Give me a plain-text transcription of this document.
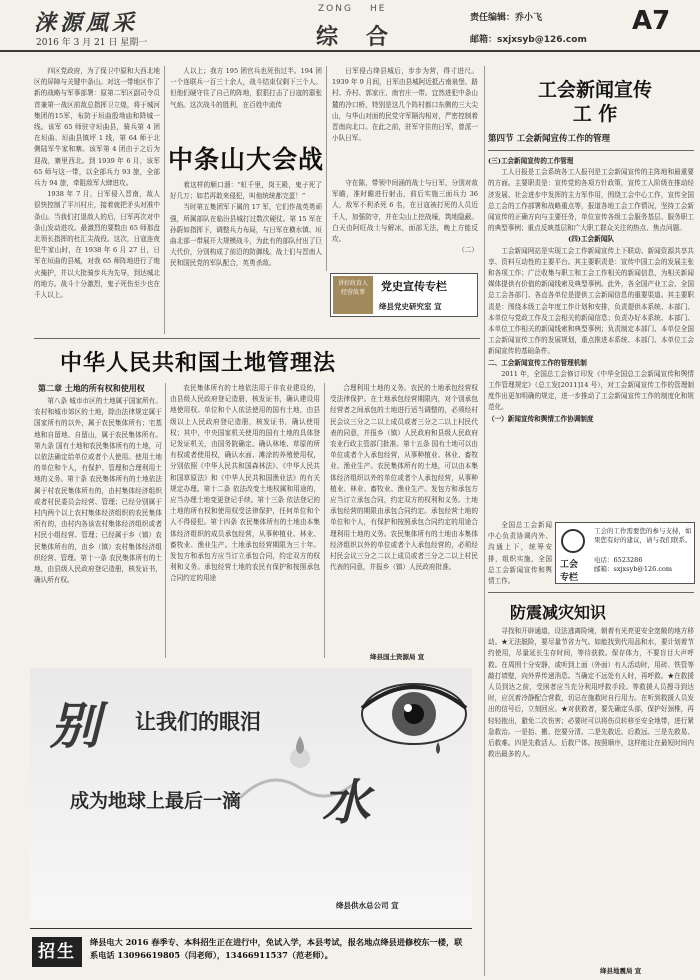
涞源風采
2016 年 3 月 21 日 星期一
ZONG HE
综合
责任编辑：乔小飞
邮箱：sxjxsyb@126.com
A7

四区党政府，为了保卫中原和大西北地区的屏障与关键中条山。对这一带地区作了新的战略与军事部署：原第二军区副司令员首兼第一战区前敌总指挥卫立煌，将于城河集团的15军，布防于垣曲殷坳庙和降城一线。该军 65 师驻守垣曲县，骑兵第 4 团在垣曲、垣曲县镇坪 1 线，第 64 师于北侧陆军牛家和寨。该军第 4 团由于之后为迎战，寨里西北。到 1939 年 6 月，该军 65 师与这一带，以全部兵力 93 旅，全部兵力 94 旅，牵阻敌军大肆进攻。

1938 年 7 月，日军侵入晋南，敌人很快控制了平川村庄，接着就把矛头对准中条山。当我们打退敌人的后，日军再次对中条山发动进攻。最激烈的要数由 65 师那盘北领长指挥的杜汇尖战役。这次，日寇连夜犯牛家山时，在 1938 年 6 月 27 日，日军在垣曲的县城，对我 65 师阵地进行了炮火掩护，并以大批骑步兵为先导，到达城北的地方。战斗十分激烈，鬼子死伤至少也在千人以上。

人以上；我方 195 团官兵也死伤过半。194 团一个连联兵一百三十余人，战斗结束仅剩下三个人。但他们硬守住了自己的阵地，狠狠打击了日寇的嚣张气焰。这次战斗的胜利，在百姓中流传

中条山大会战

着这样的顺口溜：“虹千里，岗王殿，鬼子死了好几万；如若再敢来侵犯，叫他统统都完蛋！”

当时第五集团军下属的 17 军，它们作战英勇顽强，所属部队在临汾县城打过数次硬仗。第 15 军在孙蔚如指挥下，调整兵力布局，与日军在横水镇、垣曲北部一带展开大规模战斗，为此有的部队付出了巨大代价，分别构成了前沿的防御线。战士们与晋南人民和国民党的军队配合，英勇杀敌。

日军侵占绛县城后，步步为营，得寸进尺。1939 年 9 月间，日军由县城阿近抵占南泉堡、路村、乔村、郭家庄、南官庄一带。宜然进犯中条山麓的冷口桥，特别是这几个阵村都口东侧的三大尖山，与华山对面的民党守军隔沟相对，严密控制着晋南向北口。在此之前，驻军守住的日军，曾派一小队日军。

守在陈，带领中间涌的战士与日军，分别对敌军瞻，准时瞻进行射击，前后实施三面兵力 36 人，敌军不利杀死 6 名，在日寇被打死的人员近千人，加强防守，并在尖山上挖战壕，筑地隐蔽。白天由阿旺战士与解冰，面部无法，晚上方能反攻。

（二）

讲好政育人 经营故事	党史宣传专栏
绛县党史研究室 宣
中华人民共和国土地管理法
第二章 土地的所有权和使用权

第八条 城市市区的土地属于国家所有。农村和城市郊区的土地，除由法律规定属于国家所有的以外，属于农民集体所有；宅基地和自留地、自留山，属于农民集体所有。第九条 国有土地和农民集体所有的土地，可以依法确定给单位或者个人使用。使用土地的单位和个人，有保护、管理和合理利用土地的义务。第十条 农民集体所有的土地依法属于村农民集体所有的，由村集体经济组织或者村民委员会经营、管理；已经分别属于村内两个以上农村集体经济组织的农民集体所有的，由村内各该农村集体经济组织或者村民小组经营、管理；已经属于乡（镇）农民集体所有的，由乡（镇）农村集体经济组织经营、管理。第十一条 农民集体所有的土地，由县级人民政府登记造册，核发证书，确认所有权。

农民集体所有的土地依法用于非农业建设的，由县级人民政府登记造册，核发证书，确认建设用地使用权。单位和个人依法使用的国有土地，由县级以上人民政府登记造册，核发证书，确认使用权；其中，中央国家机关使用的国有土地的具体登记发证机关，由国务院确定。确认林地、草原的所有权或者使用权，确认水面、滩涂的养殖使用权，分别依照《中华人民共和国森林法》、《中华人民共和国草原法》和《中华人民共和国渔业法》的有关规定办理。第十二条 依法改变土地权属和用途的，应当办理土地变更登记手续。第十三条 依法登记的土地的所有权和使用权受法律保护，任何单位和个人不得侵犯。第十四条 农民集体所有的土地由本集体经济组织的成员承包经营，从事种植业、林业、畜牧业、渔业生产。土地承包经营期限为三十年。发包方和承包方应当订立承包合同，约定双方的权利和义务。承包经营土地的农民有保护和按照承包合同约定的用途

合理利用土地的义务。农民的土地承包经营权受法律保护。在土地承包经营期限内，对个别承包经营者之间承包的土地进行适当调整的，必须经村民会议三分之二以上成员或者三分之二以上村民代表的同意，并报乡（镇）人民政府和县级人民政府农业行政主管部门批准。第十五条 国有土地可以由单位或者个人承包经营，从事种植业、林业、畜牧业、渔业生产。农民集体所有的土地，可以由本集体经济组织以外的单位或者个人承包经营，从事种植业、林业、畜牧业、渔业生产。发包方和承包方应当订立承包合同，约定双方的权利和义务。土地承包经营的期限由承包合同约定。承包经营土地的单位和个人，有保护和按照承包合同约定的用途合理利用土地的义务。农民集体所有的土地由本集体经济组织以外的单位或者个人承包经营的，必须经村民会议三分之二以上成员或者三分之二以上村民代表的同意，并报乡（镇）人民政府批准。

绛县国土资源局 宣
别 让我们的眼泪
成为地球上最后一滴 水
绛县供水总公司 宣
招生	绛县电大 2016 春季专、本科招生正在进行中，免试入学，本县考试，报名地点绛县进修校东一楼，联系电话 13096619805（闫老师），13466911537（范老师）。
工会新闻宣传
工 作
第四节 工会新闻宣传工作的管理
(三)工会新闻宣传的工作管理

工人日报是工会系统各工人报刊是工会新闻宣传的主阵地和最重要的方面。主要职责是：宣传党的各项方针政策，宣传工人阶级在推动经济发展、社会进步中发挥的主力军作用，围绕工会中心工作，宣传全国总工会的工作部署和战略重点等，报道各地工会工作情况，坚持工会新闻宣传的正确方向与主要任务，单位宣传各级工会服务基层、服务职工的典型事例；重点反映基层和广大职工群众关注的热点、焦点问题。

(四)工会新闻队

工会新闻网站是实现工会工作新闻宣传上下联动、新闻资源共享共享、资料互动性的主要平台。其主要职责是：宣传中国工会的发展主张和各项工作；广泛收集与职工和工会工作相关的新闻信息，为相关新闻媒体提供有价值的新闻线索及典型事例。此外，各全国产业工会、全国总工会各部门、各直各单位是提供工会新闻信息的重要渠道。其主要职责是：围绕本级工会年度工作计划和安排，负责提供本系统、本部门、本单位与党政工作及工会相关的新闻信息；负责办好本系统、本部门、本单位工作相关的新闻线索和典型事例；负责制定本部门、本单位全国工会新闻宣传工作的发展规划，重点推进本系统、本部门、本单位工会新闻宣传的基础条件。

二、工会新闻宣传工作的管理机制

2011 年，全国总工会修订印发《中华全国总工会新闻宣传和舆情工作管理规定》（总工发[2011]14 号），对工会新闻宣传工作的管理制度作出更加明确的规定，进一步推动了工会新闻宣传工作的制度化和规范化。

（一）新闻宣传和舆情工作协调制度

全国总工会新闻中心负责协调内外、沟通上下，统筹安排，组织实施，全国总工会新闻宣传和舆情工作。

工会
专栏
工会的工作需要您的参与支持，如果您有好的建议，请与我们联系。
电话：6523286
邮箱：sxjxsyb@126.com
防震减灾知识

寻找和开辟通道，设法逃离险境，朝着有光亮更安全宽敞的地方移动。★无法脱险，要尽量节省力气。如能找到代用品和水，要计划着节约使用，尽量延长生存时间，等待获救。保存体力，不要盲目大声呼救。在周围十分安静，或听到上面（外面）有人活动时，用砖、铁管等敲打墙壁，向外界传递消息。当确定不远处有人时，再呼救。★在救援人员到达之前，受困者应当充分利用呼救手段。等救援人员搜寻到达时，应沉着冷静配合营救，切忌在施救时自行用力。在听到救援人员发出的信号后，立刻回应。★对获救者，要先确定头部，保护好颈椎，再轻轻抱出，避免二次伤害；必要时可以将伤员转移至安全地带，进行紧急救治。一是抬、搬、挖要分清。二是先救近、后救远。三是先救易、后救难。四是先救活人、后救尸体。按照顺序，这样能让在最短时间内救出最多的人。

绛县地震局 宣
